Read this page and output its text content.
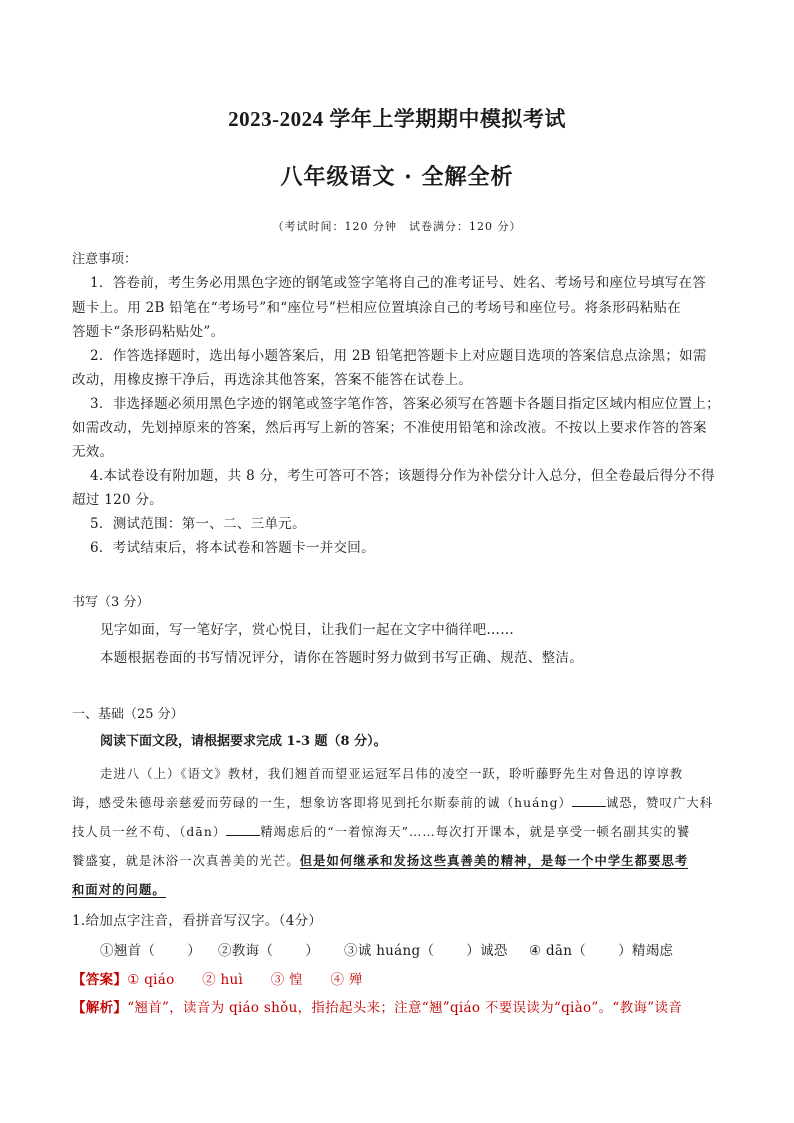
2023-2024 学年上学期期中模拟考试
八年级语文 · 全解全析
（考试时间：120 分钟　试卷满分：120 分）
注意事项：
1．答卷前，考生务必用黑色字迹的钢笔或签字笔将自己的准考证号、姓名、考场号和座位号填写在答
题卡上。用 2B 铅笔在“考场号”和“座位号”栏相应位置填涂自己的考场号和座位号。将条形码粘贴在
答题卡“条形码粘贴处”。
2．作答选择题时，选出每小题答案后，用 2B 铅笔把答题卡上对应题目选项的答案信息点涂黑；如需
改动，用橡皮擦干净后，再选涂其他答案，答案不能答在试卷上。
3．非选择题必须用黑色字迹的钢笔或签字笔作答，答案必须写在答题卡各题目指定区域内相应位置上；
如需改动，先划掉原来的答案，然后再写上新的答案；不准使用铅笔和涂改液。不按以上要求作答的答案
无效。
4.本试卷设有附加题，共 8 分，考生可答可不答；该题得分作为补偿分计入总分，但全卷最后得分不得
超过 120 分。
5．测试范围：第一、二、三单元。
6．考试结束后，将本试卷和答题卡一并交回。
书写（3 分）
见字如面，写一笔好字，赏心悦目，让我们一起在文字中徜徉吧……
本题根据卷面的书写情况评分，请你在答题时努力做到书写正确、规范、整洁。
一、基础（25 分）
阅读下面文段，请根据要求完成 1-3 题（8 分）。
走进八（上）《语文》教材，我们翘首而望亚运冠军吕伟的凌空一跃，聆听藤野先生对鲁迅的谆谆教
诲，感受朱德母亲慈爱而劳碌的一生，想象访客即将见到托尔斯泰前的诚（huáng）	诚恐，赞叹广大科
技人员一丝不苟、（dān）	精竭虑后的“一着惊海天”……每次打开课本，就是享受一顿名副其实的饕
餮盛宴，就是沐浴一次真善美的光芒。但是如何继承和发扬这些真善美的精神，是每一个中学生都要思考
和面对的问题。
1.给加点字注音，看拼音写汉字。（4分）
①翘首（ ） ②教诲（ ） ③诚 huáng（ ）诚恐 ④ dān（ ）精竭虑
【答案】① qiáo　　② huì　　③ 惶　　④ 殚
【解析】“翘首”，读音为 qiáo shǒu，指抬起头来；注意“翘”qiáo 不要误读为“qiào”。“教诲”读音
